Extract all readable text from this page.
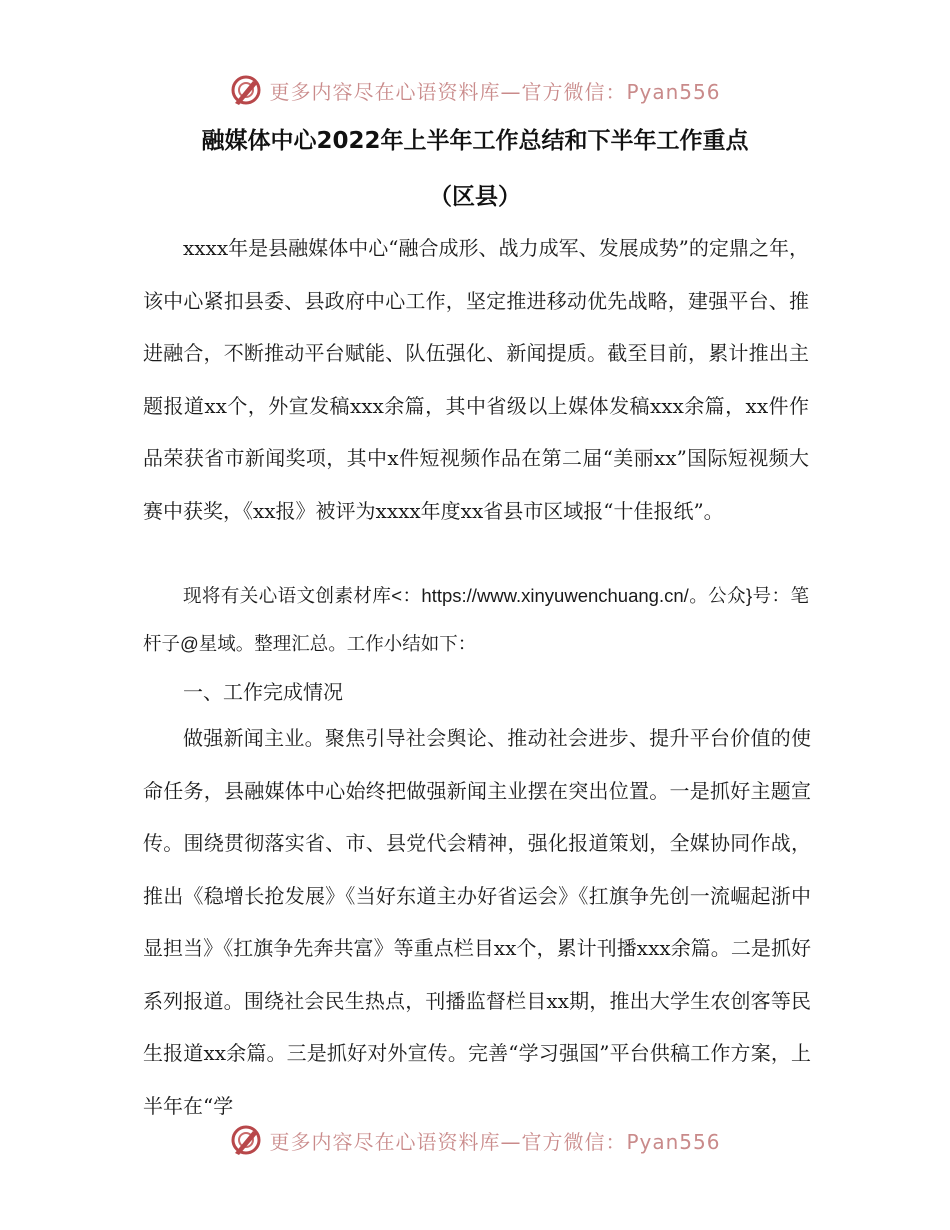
更多内容尽在心语资料库—官方微信：Pyan556
融媒体中心2022年上半年工作总结和下半年工作重点
（区县）

xxxx年是县融媒体中心“融合成形、战力成军、发展成势”的定鼎之年，该中心紧扣县委、县政府中心工作，坚定推进移动优先战略，建强平台、推进融合，不断推动平台赋能、队伍强化、新闻提质。截至目前，累计推出主题报道xx个，外宣发稿xxx余篇，其中省级以上媒体发稿xxx余篇，xx件作品荣获省市新闻奖项，其中x件短视频作品在第二届“美丽xx”国际短视频大赛中获奖，《xx报》被评为xxxx年度xx省县市区域报“十佳报纸”。

现将有关心语文创素材库<：https://www.xinyuwenchuang.cn/。公众}号：笔杆子@星域。整理汇总。工作小结如下：

一、工作完成情况

做强新闻主业。聚焦引导社会舆论、推动社会进步、提升平台价值的使命任务，县融媒体中心始终把做强新闻主业摆在突出位置。一是抓好主题宣传。围绕贯彻落实省、市、县党代会精神，强化报道策划，全媒协同作战，推出《稳增长抢发展》《当好东道主办好省运会》《扛旗争先创一流崛起浙中显担当》《扛旗争先奔共富》等重点栏目xx个，累计刊播xxx余篇。二是抓好系列报道。围绕社会民生热点，刊播监督栏目xx期，推出大学生农创客等民生报道xx余篇。三是抓好对外宣传。完善“学习强国”平台供稿工作方案，上半年在“学

更多内容尽在心语资料库—官方微信：Pyan556
